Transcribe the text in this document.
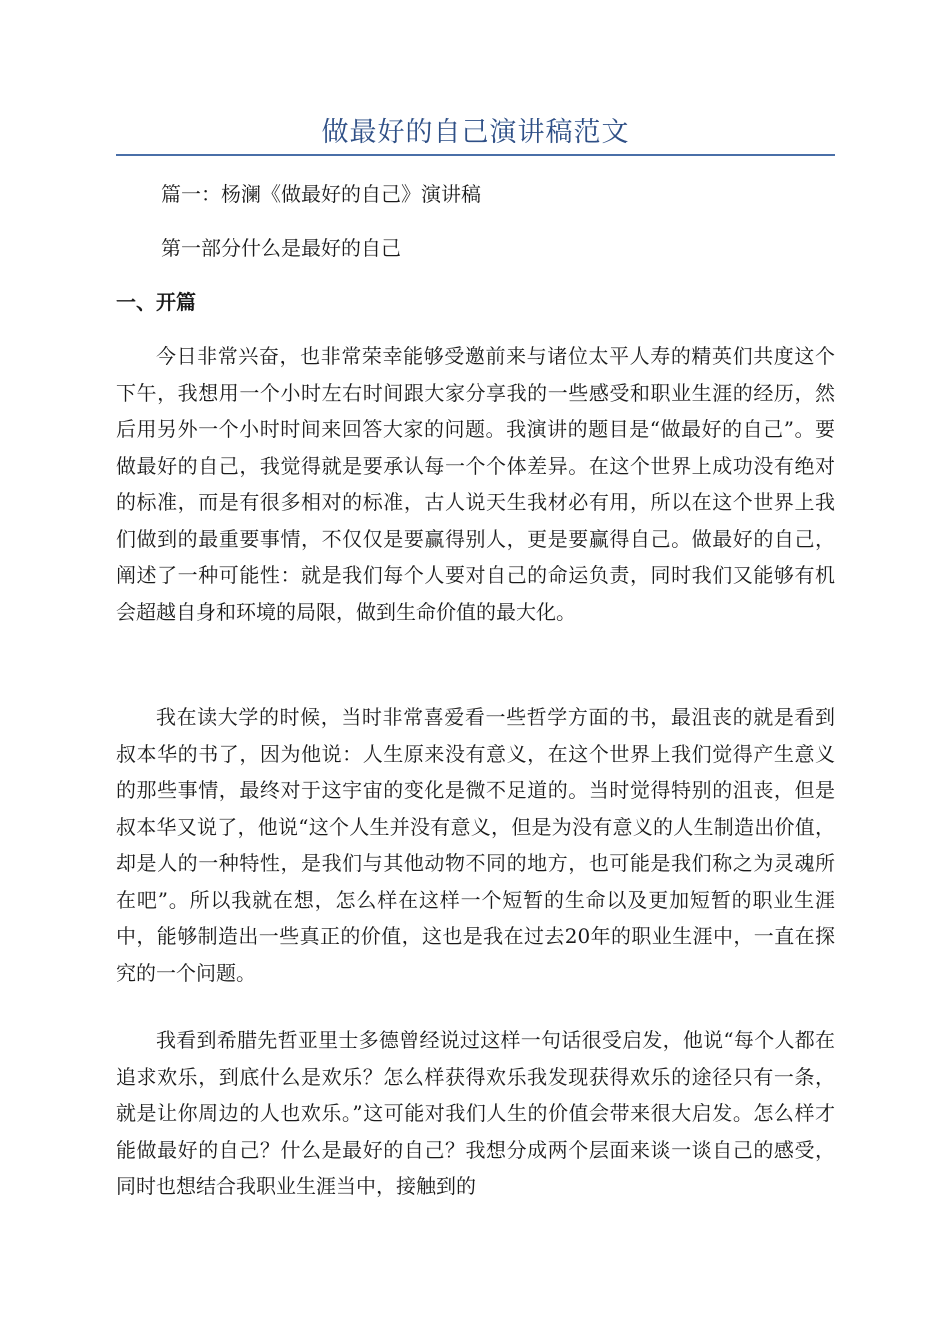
做最好的自己演讲稿范文
篇一：杨澜《做最好的自己》演讲稿
第一部分什么是最好的自己
一、开篇

今日非常兴奋，也非常荣幸能够受邀前来与诸位太平人寿的精英们共度这个下午，我想用一个小时左右时间跟大家分享我的一些感受和职业生涯的经历，然后用另外一个小时时间来回答大家的问题。我演讲的题目是“做最好的自己”。要做最好的自己，我觉得就是要承认每一个个体差异。在这个世界上成功没有绝对的标准，而是有很多相对的标准，古人说天生我材必有用，所以在这个世界上我们做到的最重要事情，不仅仅是要赢得别人，更是要赢得自己。做最好的自己，阐述了一种可能性：就是我们每个人要对自己的命运负责，同时我们又能够有机会超越自身和环境的局限，做到生命价值的最大化。

我在读大学的时候，当时非常喜爱看一些哲学方面的书，最沮丧的就是看到叔本华的书了，因为他说：人生原来没有意义，在这个世界上我们觉得产生意义的那些事情，最终对于这宇宙的变化是微不足道的。当时觉得特别的沮丧，但是叔本华又说了，他说“这个人生并没有意义，但是为没有意义的人生制造出价值，却是人的一种特性，是我们与其他动物不同的地方，也可能是我们称之为灵魂所在吧”。所以我就在想，怎么样在这样一个短暂的生命以及更加短暂的职业生涯中，能够制造出一些真正的价值，这也是我在过去20年的职业生涯中，一直在探究的一个问题。

我看到希腊先哲亚里士多德曾经说过这样一句话很受启发，他说“每个人都在追求欢乐，到底什么是欢乐？怎么样获得欢乐我发现获得欢乐的途径只有一条，就是让你周边的人也欢乐。”这可能对我们人生的价值会带来很大启发。怎么样才能做最好的自己？什么是最好的自己？我想分成两个层面来谈一谈自己的感受，同时也想结合我职业生涯当中，接触到的
